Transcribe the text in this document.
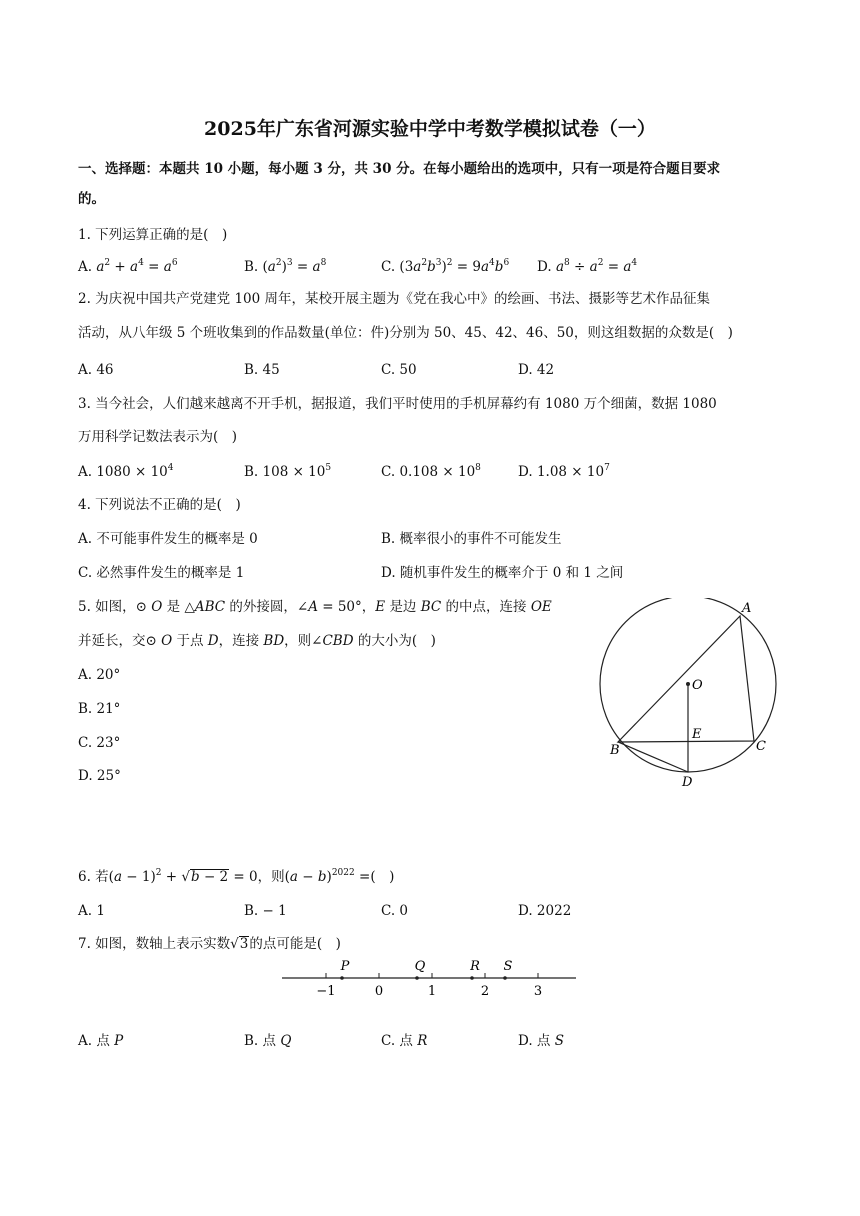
2025年广东省河源实验中学中考数学模拟试卷（一）
一、选择题：本题共 10 小题，每小题 3 分，共 30 分。在每小题给出的选项中，只有一项是符合题目要求
的。
1. 下列运算正确的是(　)
A. $a^2 + a^4 = a^6$	B. $(a^2)^3 = a^8$	C. $(3a^2b^3)^2 = 9a^4b^6$ D. $a^8 \div a^2 = a^4$
2. 为庆祝中国共产党建党 100 周年，某校开展主题为《党在我心中》的绘画、书法、摄影等艺术作品征集
活动，从八年级 5 个班收集到的作品数量(单位：件)分别为 50、45、42、46、50，则这组数据的众数是(　)
A. 46	B. 45	C. 50	D. 42
3. 当今社会，人们越来越离不开手机，据报道，我们平时使用的手机屏幕约有 1080 万个细菌，数据 1080
万用科学记数法表示为(　)
A. $1080 \times 10^4$	B. $108 \times 10^5$	C. $0.108 \times 10^8$	D. $1.08 \times 10^7$
4. 下列说法不正确的是(　)
A. 不可能事件发生的概率是 0	B. 概率很小的事件不可能发生
C. 必然事件发生的概率是 1	D. 随机事件发生的概率介于 0 和 1 之间
5. 如图，⊙ O 是 △ABC 的外接圆，∠A = 50°，E 是边 BC 的中点，连接 OE
并延长，交⊙ O 于点 D，连接 BD，则∠CBD 的大小为(　)
A. 20°
B. 21°
C. 23°
D. 25°
A
B	C
D
E
O
6. 若$(a - 1)^2 + √b - 2 = 0$，则$(a - b)^{2022}$ =(　)
A. 1	B. − 1	C. 0	D. 2022
7. 如图，数轴上表示实数√3的点可能是(　)
−1	0	1	2	3
P	Q	R S
A. 点 P	B. 点 Q	C. 点 R	D. 点 S
